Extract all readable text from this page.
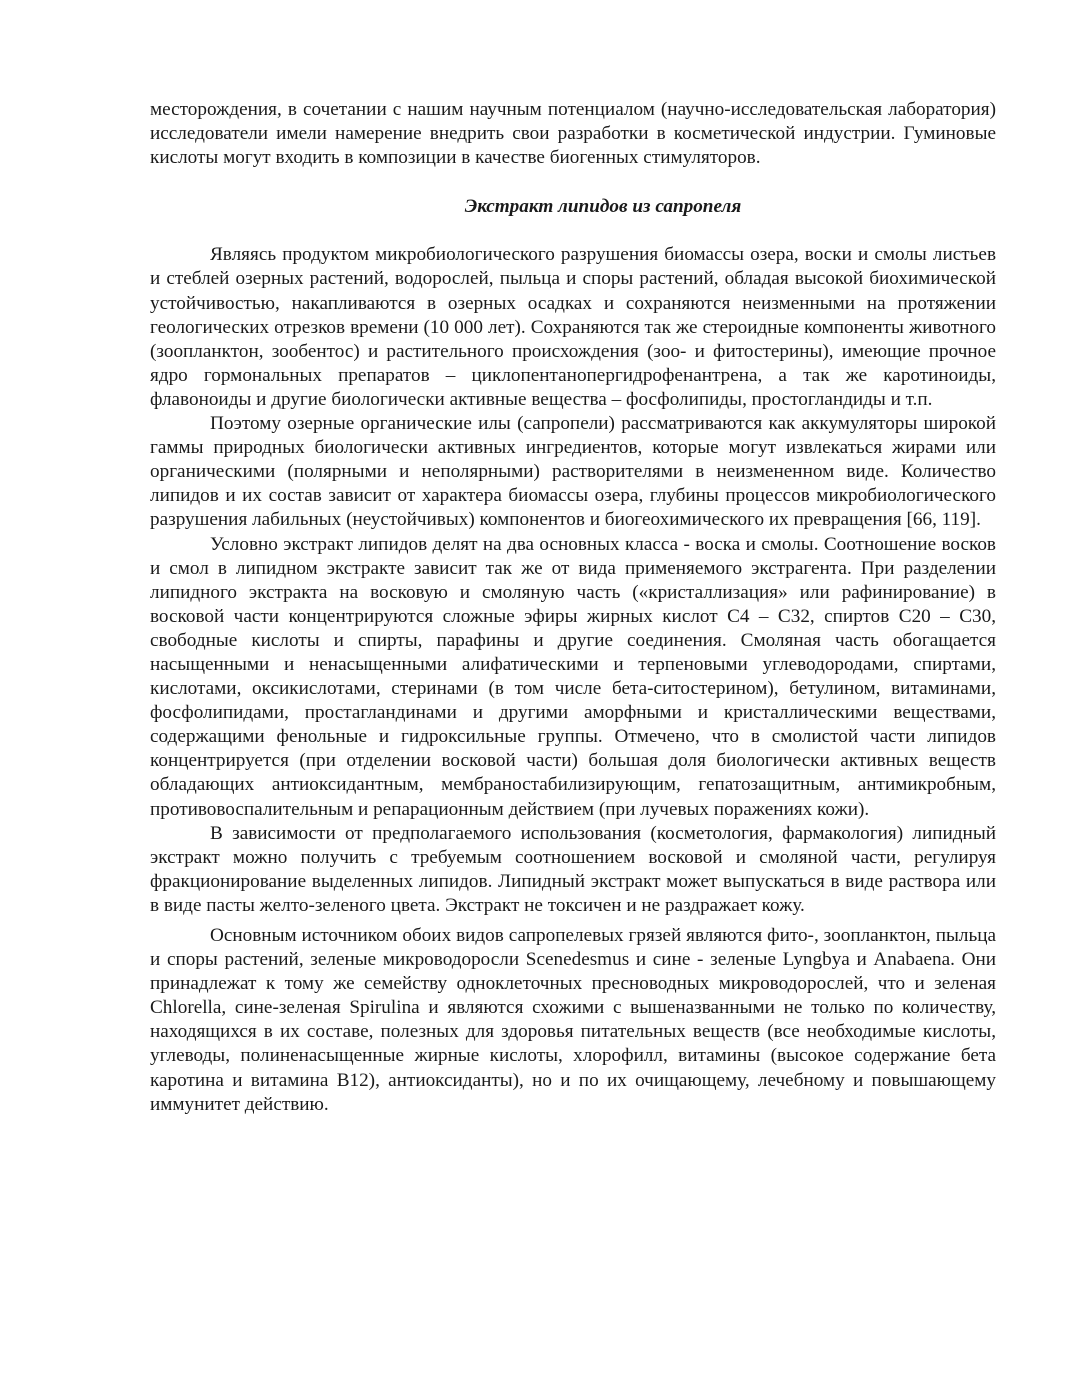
месторождения, в сочетании с нашим научным потенциалом (научно-исследовательская лаборатория) исследователи имели намерение внедрить свои разработки в косметической индустрии. Гуминовые кислоты могут входить в композиции в качестве биогенных стимуляторов.

Экстракт липидов из сапропеля

Являясь продуктом микробиологического разрушения биомассы озера, воски и смолы листьев и стеблей озерных растений, водорослей, пыльца и споры растений, обладая высокой биохимической устойчивостью, накапливаются в озерных осадках и сохраняются неизменными на протяжении геологических отрезков времени (10 000 лет). Сохраняются так же стероидные компоненты животного (зоопланктон, зообентос) и растительного происхождения (зоо- и фитостерины), имеющие прочное ядро гормональных препаратов – циклопентанопергидрофенантрена, а так же каротиноиды, флавоноиды и другие биологически активные вещества – фосфолипиды, простогландиды и т.п.

Поэтому озерные органические илы (сапропели) рассматриваются как аккумуляторы широкой гаммы природных биологически активных ингредиентов, которые могут извлекаться жирами или органическими (полярными и неполярными) растворителями в неизмененном виде. Количество липидов и их состав зависит от характера биомассы озера, глубины процессов микробиологического разрушения лабильных (неустойчивых) компонентов и биогеохимического их превращения [66, 119].

Условно экстракт липидов делят на два основных класса - воска и смолы. Соотношение восков и смол в липидном экстракте зависит так же от вида применяемого экстрагента. При разделении липидного экстракта на восковую и смоляную часть («кристаллизация» или рафинирование) в восковой части концентрируются сложные эфиры жирных кислот С4 – С32, спиртов С20 – С30, свободные кислоты и спирты, парафины и другие соединения. Смоляная часть обогащается насыщенными и ненасыщенными алифатическими и терпеновыми углеводородами, спиртами, кислотами, оксикислотами, стеринами (в том числе бета-ситостерином), бетулином, витаминами, фосфолипидами, простагландинами и другими аморфными и кристаллическими веществами, содержащими фенольные и гидроксильные группы. Отмечено, что в смолистой части липидов концентрируется (при отделении восковой части) большая доля биологически активных веществ обладающих антиоксидантным, мембраностабилизирующим, гепатозащитным, антимикробным, противовоспалительным и репарационным действием (при лучевых поражениях кожи).

В зависимости от предполагаемого использования (косметология, фармакология) липидный экстракт можно получить с требуемым соотношением восковой и смоляной части, регулируя фракционирование выделенных липидов. Липидный экстракт может выпускаться в виде раствора или в виде пасты желто-зеленого цвета. Экстракт не токсичен и не раздражает кожу.

Основным источником обоих видов сапропелевых грязей являются фито-, зоопланктон, пыльца и споры растений, зеленые микроводоросли Scenedesmus и сине - зеленые Lyngbya и Anabaena. Они принадлежат к тому же семейству одноклеточных пресноводных микроводорослей, что и зеленая Chlorella, сине-зеленая Spirulina и являются схожими с вышеназванными не только по количеству, находящихся в их составе, полезных для здоровья питательных веществ (все необходимые кислоты, углеводы, полиненасыщенные жирные кислоты, хлорофилл, витамины (высокое содержание бета каротина и витамина В12), антиоксиданты), но и по их очищающему, лечебному и повышающему иммунитет действию.
